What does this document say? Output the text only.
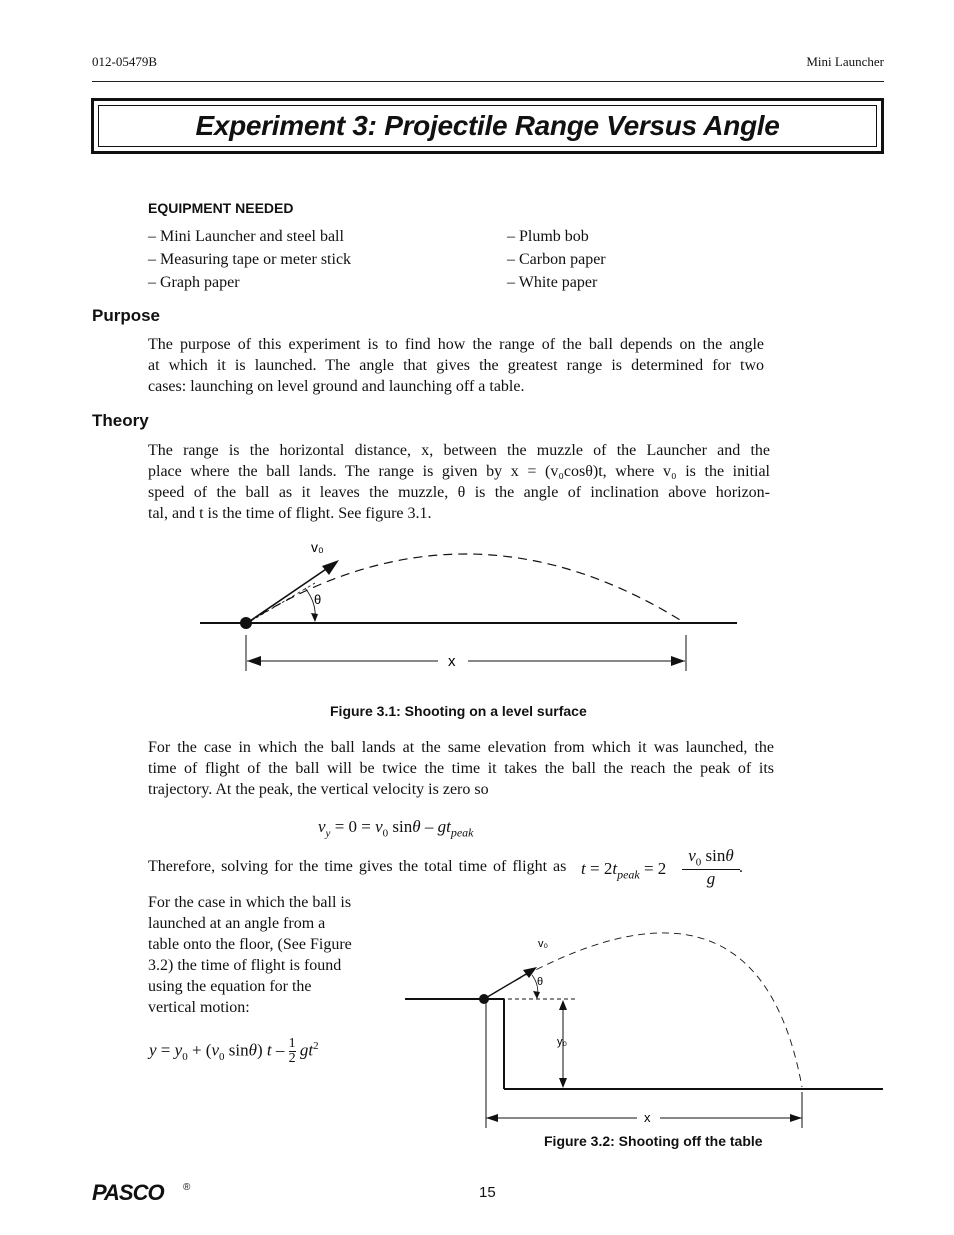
012-05479B	Mini Launcher
Experiment 3: Projectile Range Versus Angle
EQUIPMENT NEEDED
– Mini Launcher and steel ball
– Measuring tape or meter stick
– Graph paper
– Plumb bob
– Carbon paper
– White paper
Purpose
The purpose of this experiment is to find how the range of the ball depends on the angle
at which it is launched. The angle that gives the greatest range is determined for two
cases: launching on level ground and launching off a table.
Theory
The range is the horizontal distance, x, between the muzzle of the Launcher and the
place where the ball lands. The range is given by x = (v₀cosθ)t, where v₀ is the initial
speed of the ball as it leaves the muzzle, θ is the angle of inclination above horizon-
tal, and t is the time of flight. See figure 3.1.
v₀
θ
x
Figure 3.1: Shooting on a level surface
For the case in which the ball lands at the same elevation from which it was launched, the
time of flight of the ball will be twice the time it takes the ball the reach the peak of its
trajectory. At the peak, the vertical velocity is zero so
$v_y = 0 = v_0$ sinθ – $gt_{peak}$
Therefore, solving for the time gives the total time of flight as $t = 2t_{peak} = 2$
$v_0$ sinθ
g
.
For the case in which the ball is
launched at an angle from a
table onto the floor, (See Figure
3.2) the time of flight is found
using the equation for the
vertical motion:
$y = y_0 + (v_0$ sinθ) t – $\frac{1}{2} gt^2$
v₀
θ
y₀
x
Figure 3.2: Shooting off the table
PASCO ®	15
